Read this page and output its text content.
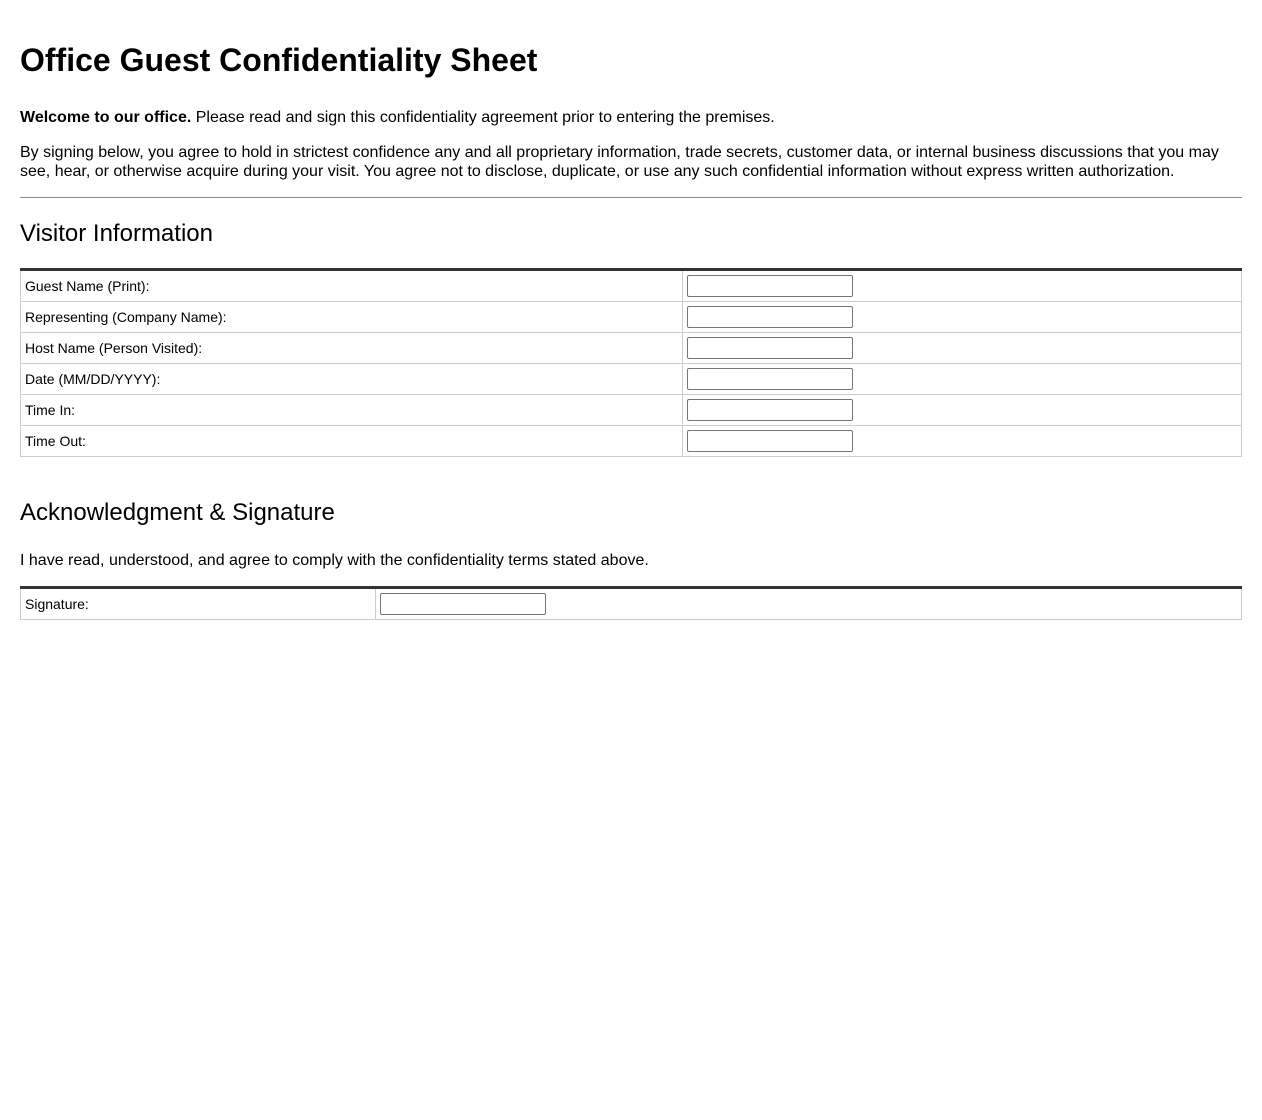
Office Guest Confidentiality Sheet

Welcome to our office. Please read and sign this confidentiality agreement prior to entering the premises.

By signing below, you agree to hold in strictest confidence any and all proprietary information, trade secrets, customer data, or internal business discussions that you may see, hear, or otherwise acquire during your visit. You agree not to disclose, duplicate, or use any such confidential information without express written authorization.

Visitor Information
Guest Name (Print):	

Representing (Company Name):	

Host Name (Person Visited):	

Date (MM/DD/YYYY):	

Time In:	

Time Out:	
Acknowledgment & Signature

I have read, understood, and agree to comply with the confidentiality terms stated above.

Signature:	
